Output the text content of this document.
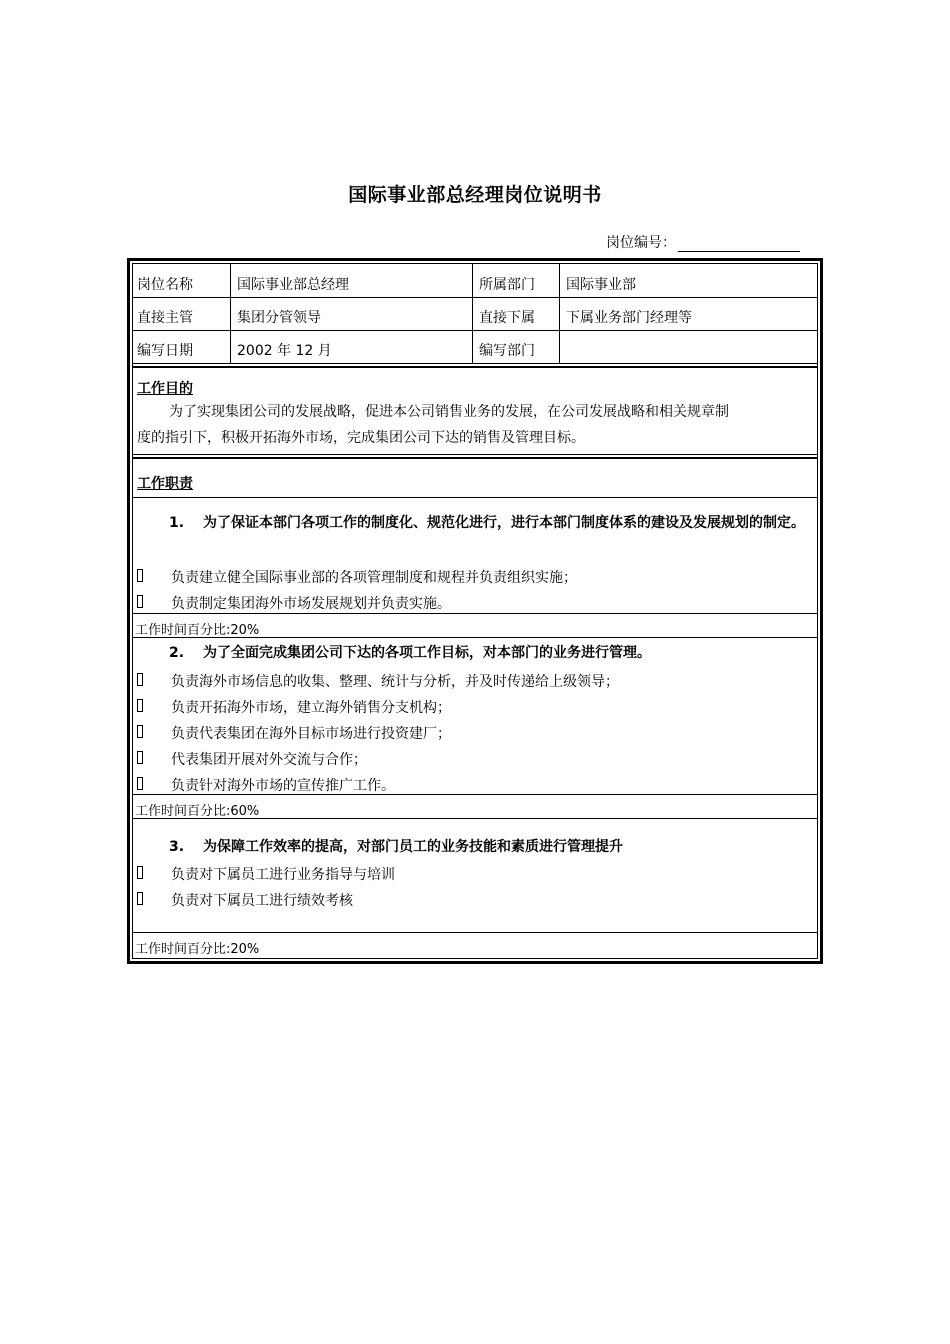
国际事业部总经理岗位说明书
岗位编号：
岗位名称	国际事业部总经理	所属部门 国际事业部
直接主管	集团分管领导	直接下属 下属业务部门经理等
编写日期	2002 年 12 月	编写部门
工作目的
为了实现集团公司的发展战略，促进本公司销售业务的发展，在公司发展战略和相关规章制
度的指引下，积极开拓海外市场，完成集团公司下达的销售及管理目标。
工作职责
1. 为了保证本部门各项工作的制度化、规范化进行，进行本部门制度体系的建设及发展规划的制定。
负责建立健全国际事业部的各项管理制度和规程并负责组织实施；
负责制定集团海外市场发展规划并负责实施。
工作时间百分比:20%
2. 为了全面完成集团公司下达的各项工作目标，对本部门的业务进行管理。
负责海外市场信息的收集、整理、统计与分析，并及时传递给上级领导；
负责开拓海外市场，建立海外销售分支机构；
负责代表集团在海外目标市场进行投资建厂；
代表集团开展对外交流与合作；
负责针对海外市场的宣传推广工作。
工作时间百分比:60%
3. 为保障工作效率的提高，对部门员工的业务技能和素质进行管理提升
负责对下属员工进行业务指导与培训
负责对下属员工进行绩效考核
工作时间百分比:20%
